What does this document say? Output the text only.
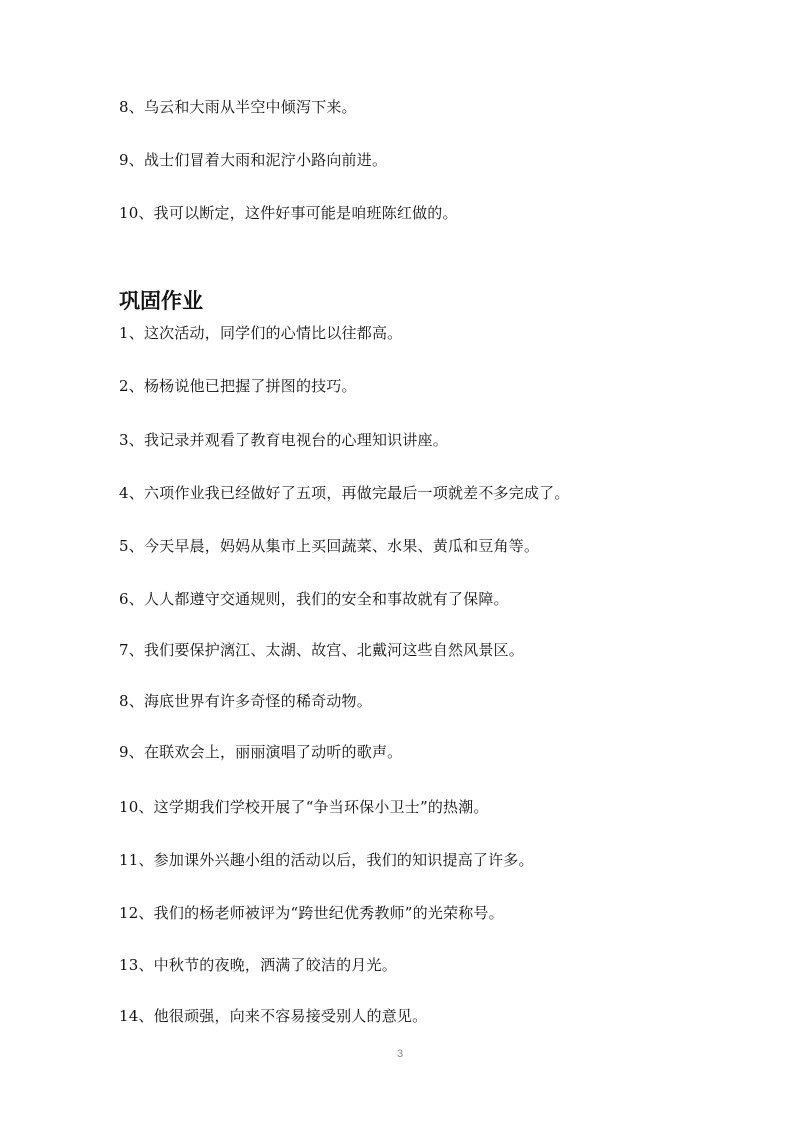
8、乌云和大雨从半空中倾泻下来。
9、战士们冒着大雨和泥泞小路向前进。
10、我可以断定，这件好事可能是咱班陈红做的。
巩固作业
1、这次活动，同学们的心情比以往都高。
2、杨杨说他已把握了拼图的技巧。
3、我记录并观看了教育电视台的心理知识讲座。
4、六项作业我已经做好了五项，再做完最后一项就差不多完成了。
5、今天早晨，妈妈从集市上买回蔬菜、水果、黄瓜和豆角等。
6、人人都遵守交通规则，我们的安全和事故就有了保障。
7、我们要保护漓江、太湖、故宫、北戴河这些自然风景区。
8、海底世界有许多奇怪的稀奇动物。
9、在联欢会上，丽丽演唱了动听的歌声。
10、这学期我们学校开展了“争当环保小卫士”的热潮。
11、参加课外兴趣小组的活动以后，我们的知识提高了许多。
12、我们的杨老师被评为“跨世纪优秀教师”的光荣称号。
13、中秋节的夜晚，洒满了皎洁的月光。
14、他很顽强，向来不容易接受别人的意见。
3
